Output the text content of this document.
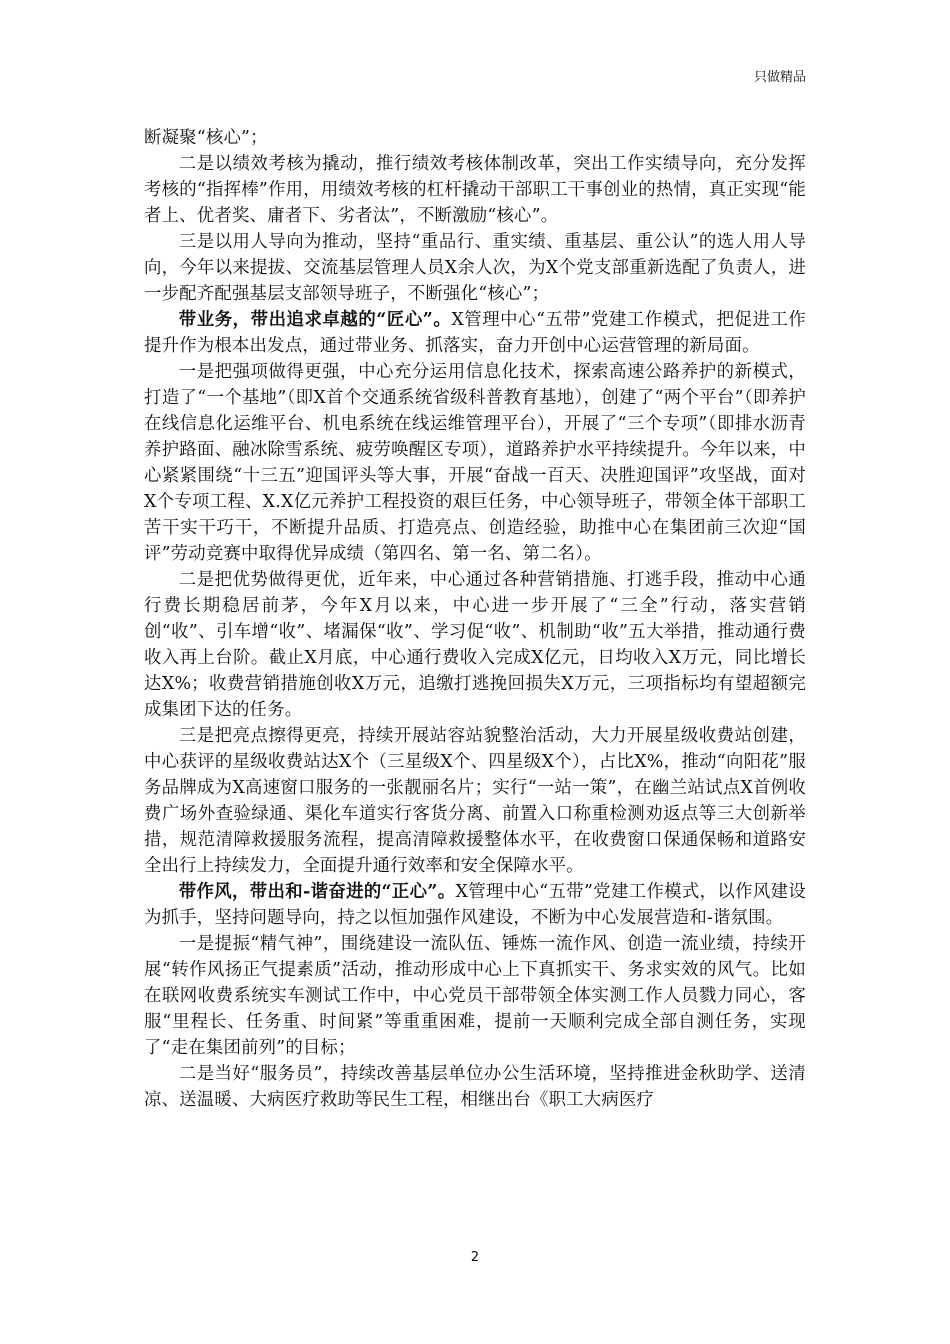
只做精品

断凝聚“核心”；

二是以绩效考核为撬动，推行绩效考核体制改革，突出工作实绩导向，充分发挥考核的“指挥棒”作用，用绩效考核的杠杆撬动干部职工干事创业的热情，真正实现“能者上、优者奖、庸者下、劣者汰”，不断激励“核心”。

三是以用人导向为推动，坚持“重品行、重实绩、重基层、重公认”的选人用人导向，今年以来提拔、交流基层管理人员X余人次，为X个党支部重新选配了负责人，进一步配齐配强基层支部领导班子，不断强化“核心”；

带业务，带出追求卓越的“匠心”。X管理中心“五带”党建工作模式，把促进工作提升作为根本出发点，通过带业务、抓落实，奋力开创中心运营管理的新局面。

一是把强项做得更强，中心充分运用信息化技术，探索高速公路养护的新模式，打造了“一个基地”（即X首个交通系统省级科普教育基地），创建了“两个平台”（即养护在线信息化运维平台、机电系统在线运维管理平台），开展了“三个专项”（即排水沥青养护路面、融冰除雪系统、疲劳唤醒区专项），道路养护水平持续提升。今年以来，中心紧紧围绕“十三五”迎国评头等大事，开展“奋战一百天、决胜迎国评”攻坚战，面对X个专项工程、X.X亿元养护工程投资的艰巨任务，中心领导班子，带领全体干部职工苦干实干巧干，不断提升品质、打造亮点、创造经验，助推中心在集团前三次迎“国评”劳动竞赛中取得优异成绩（第四名、第一名、第二名）。

二是把优势做得更优，近年来，中心通过各种营销措施、打逃手段，推动中心通行费长期稳居前茅，今年X月以来，中心进一步开展了“三全”行动，落实营销创“收”、引车增“收”、堵漏保“收”、学习促“收”、机制助“收”五大举措，推动通行费收入再上台阶。截止X月底，中心通行费收入完成X亿元，日均收入X万元，同比增长达X%；收费营销措施创收X万元，追缴打逃挽回损失X万元，三项指标均有望超额完成集团下达的任务。

三是把亮点擦得更亮，持续开展站容站貌整治活动，大力开展星级收费站创建，中心获评的星级收费站达X个（三星级X个、四星级X个），占比X%，推动“向阳花”服务品牌成为X高速窗口服务的一张靓丽名片；实行“一站一策”，在幽兰站试点X首例收费广场外查验绿通、渠化车道实行客货分离、前置入口称重检测劝返点等三大创新举措，规范清障救援服务流程，提高清障救援整体水平，在收费窗口保通保畅和道路安全出行上持续发力，全面提升通行效率和安全保障水平。

带作风，带出和-谐奋进的“正心”。X管理中心“五带”党建工作模式，以作风建设为抓手，坚持问题导向，持之以恒加强作风建设，不断为中心发展营造和-谐氛围。

一是提振“精气神”，围绕建设一流队伍、锤炼一流作风、创造一流业绩，持续开展“转作风扬正气提素质”活动，推动形成中心上下真抓实干、务求实效的风气。比如在联网收费系统实车测试工作中，中心党员干部带领全体实测工作人员戮力同心，客服“里程长、任务重、时间紧”等重重困难，提前一天顺利完成全部自测任务，实现了“走在集团前列”的目标；

二是当好“服务员”，持续改善基层单位办公生活环境，坚持推进金秋助学、送清凉、送温暖、大病医疗救助等民生工程，相继出台《职工大病医疗

2
